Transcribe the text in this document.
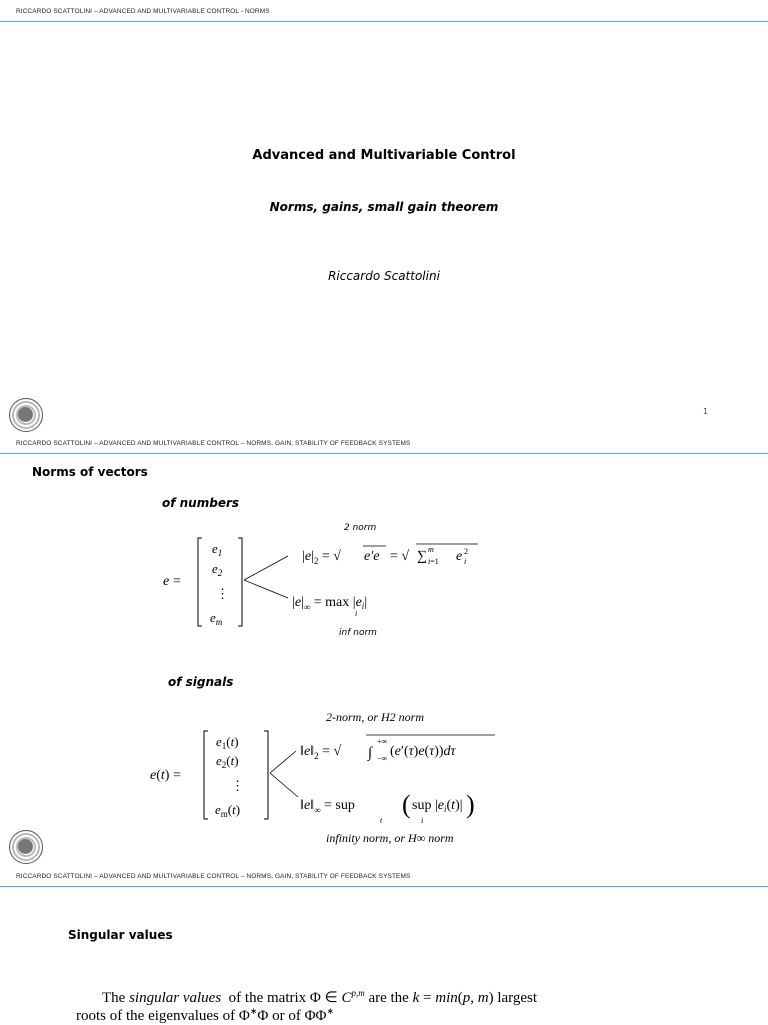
RICCARDO SCATTOLINI – ADVANCED AND MULTIVARIABLE CONTROL - NORMS
Advanced and Multivariable Control
Norms, gains, small gain theorem
Riccardo Scattolini
1
RICCARDO SCATTOLINI – ADVANCED AND MULTIVARIABLE CONTROL – NORMS, GAIN, STABILITY OF FEEDBACK SYSTEMS
Norms of vectors
of numbers
2 norm
inf norm
e =
$e_1$
$e_2$
⋮
$e_m$
$|e|_2$ = √ e′e = √ ∑ m
i=1 e 2
i
$|e|_\infty = \max |e_i|$
i
of signals
2-norm, or H2 norm
infinity norm, or H∞ norm
e(t) =
$e_1(t)$
$e_2(t)$
⋮
$e_m(t)$
$‖e‖_2$ = √ ∫
+∞
−∞ (e′(τ)e(τ))dτ
$‖e‖_\infty$ = sup
t
( sup $|e_i(t)|$
i
)
RICCARDO SCATTOLINI – ADVANCED AND MULTIVARIABLE CONTROL – NORMS, GAIN, STABILITY OF FEEDBACK SYSTEMS
Singular values
The singular values  of the matrix Φ ∈ C$^{p,m}$ are the k = min(p, m) largest
roots of the eigenvalues of Φ∗Φ or of ΦΦ∗
